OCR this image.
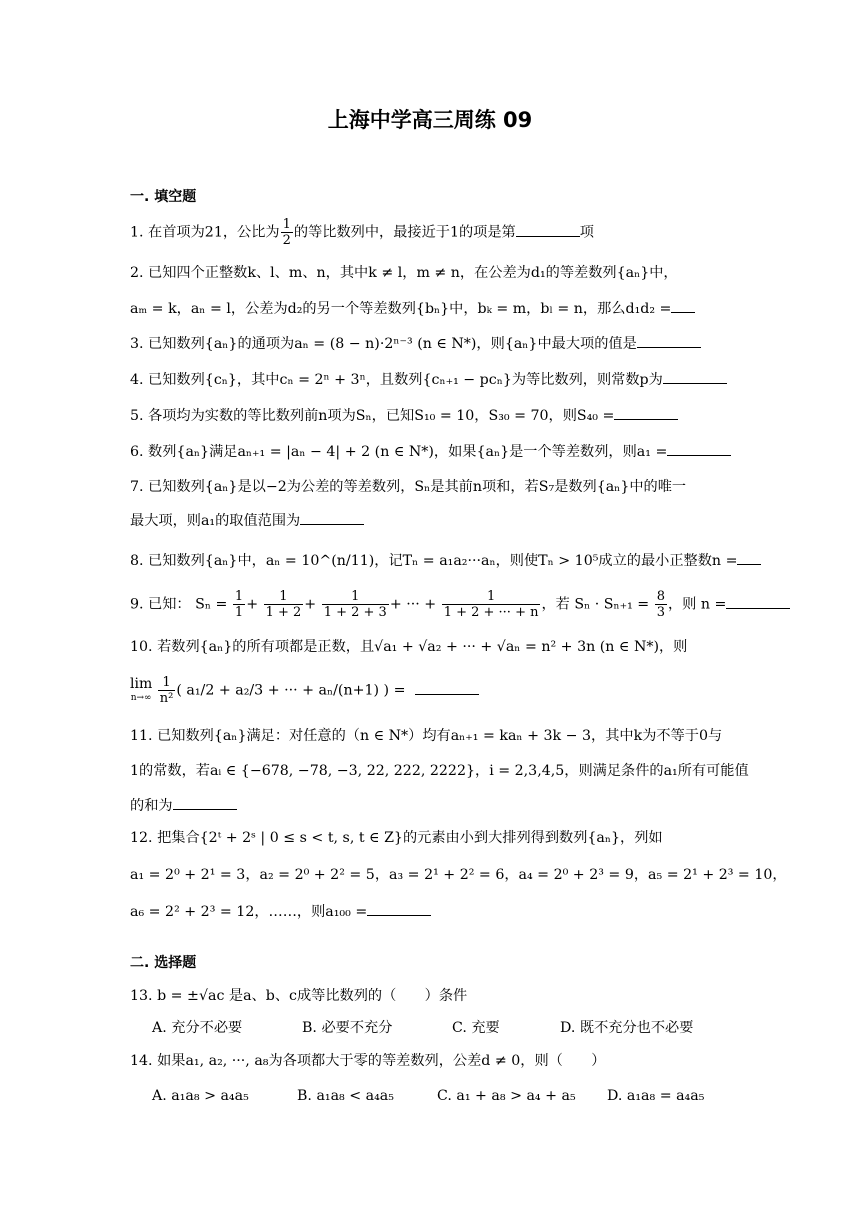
上海中学高三周练 09
一. 填空题
1. 在首项为21，公比为 $\frac{1}{2}$ 的等比数列中，最接近于1的项是第	项
2. 已知四个正整数k、l、m、n，其中k ≠ l，m ≠ n，在公差为d₁的等差数列{aₙ}中，
aₘ = k，aₙ = l，公差为d₂的另一个等差数列{bₙ}中，bₖ = m，bₗ = n，那么d₁d₂ =
3. 已知数列{aₙ}的通项为aₙ = (8 − n)·2ⁿ⁻³ (n ∈ N*)，则{aₙ}中最大项的值是
4. 已知数列{cₙ}，其中cₙ = 2ⁿ + 3ⁿ，且数列{cₙ₊₁ − pcₙ}为等比数列，则常数p为
5. 各项均为实数的等比数列前n项为Sₙ，已知S₁₀ = 10，S₃₀ = 70，则S₄₀ =
6. 数列{aₙ}满足aₙ₊₁ = |aₙ − 4| + 2 (n ∈ N*)，如果{aₙ}是一个等差数列，则a₁ =
7. 已知数列{aₙ}是以−2为公差的等差数列，Sₙ是其前n项和，若S₇是数列{aₙ}中的唯一
最大项，则a₁的取值范围为
8. 已知数列{aₙ}中，aₙ = 10^(n/11)，记Tₙ = a₁a₂···aₙ，则使Tₙ > 10⁵成立的最小正整数n =
9. 已知： $S_n = \frac{1}{1} + \frac{1}{1 + 2} + \frac{1}{1 + 2 + 3}$ + ··· + $\frac{1}{1 + 2 + \cdot\cdot\cdot + n}$ ，若 $S_n \cdot S_{n+1} = \frac{8}{3}$ ，则 n =
10. 若数列{aₙ}的所有项都是正数，且√a₁ + √a₂ + ··· + √aₙ = n² + 3n (n ∈ N*)，则
lim
n→∞
$\frac{1}{\text{n²}}$ ( a₁/2 + a₂/3 + ··· + aₙ/(n+1) ) =
11. 已知数列{aₙ}满足：对任意的（n ∈ N*）均有aₙ₊₁ = kaₙ + 3k − 3，其中k为不等于0与
1的常数，若aᵢ ∈ {−678, −78, −3, 22, 222, 2222}，i = 2,3,4,5，则满足条件的a₁所有可能值
的和为
12. 把集合{2ᵗ + 2ˢ | 0 ≤ s < t, s, t ∈ Z}的元素由小到大排列得到数列{aₙ}，列如
a₁ = 2⁰ + 2¹ = 3，a₂ = 2⁰ + 2² = 5，a₃ = 2¹ + 2² = 6，a₄ = 2⁰ + 2³ = 9，a₅ = 2¹ + 2³ = 10，
a₆ = 2² + 2³ = 12，……，则a₁₀₀ =
二. 选择题
13. b = ±√ac 是a、b、c成等比数列的（　　）条件
A. 充分不必要	B. 必要不充分	C. 充要	D. 既不充分也不必要
14. 如果a₁, a₂, ···, a₈为各项都大于零的等差数列，公差d ≠ 0，则（　　）
A. a₁a₈ > a₄a₅	B. a₁a₈ < a₄a₅	C. a₁ + a₈ > a₄ + a₅ D. a₁a₈ = a₄a₅
